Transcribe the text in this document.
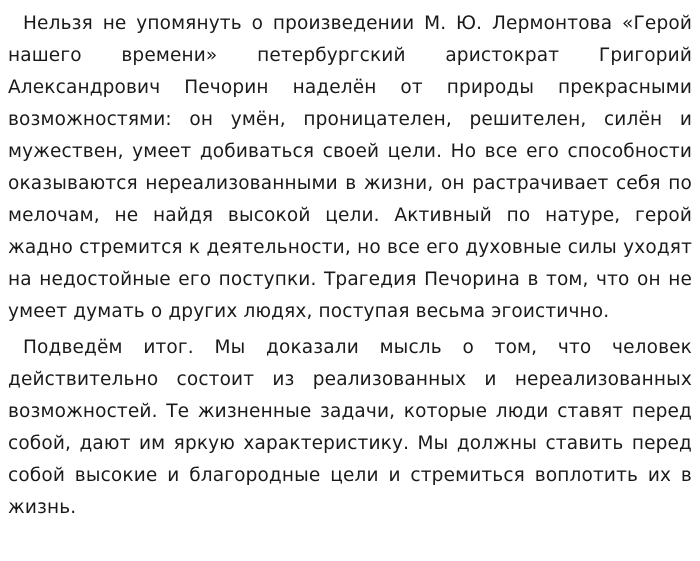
Нельзя не упомянуть о произведении М. Ю. Лермонтова «Герой нашего времени» петербургский аристократ Григорий Александрович Печорин наделён от природы прекрасными возможностями: он умён, проницателен, решителен, силён и мужествен, умеет добиваться своей цели. Но все его способности оказываются нереализованными в жизни, он растрачивает себя по мелочам, не найдя высокой цели. Активный по натуре, герой жадно стремится к деятельности, но все его духовные силы уходят на недостойные его поступки. Трагедия Печорина в том, что он не умеет думать о других людях, поступая весьма эгоистично.

Подведём итог. Мы доказали мысль о том, что человек действительно состоит из реализованных и нереализованных возможностей. Те жизненные задачи, которые люди ставят перед собой, дают им яркую характеристику. Мы должны ставить перед собой высокие и благородные цели и стремиться воплотить их в жизнь.
